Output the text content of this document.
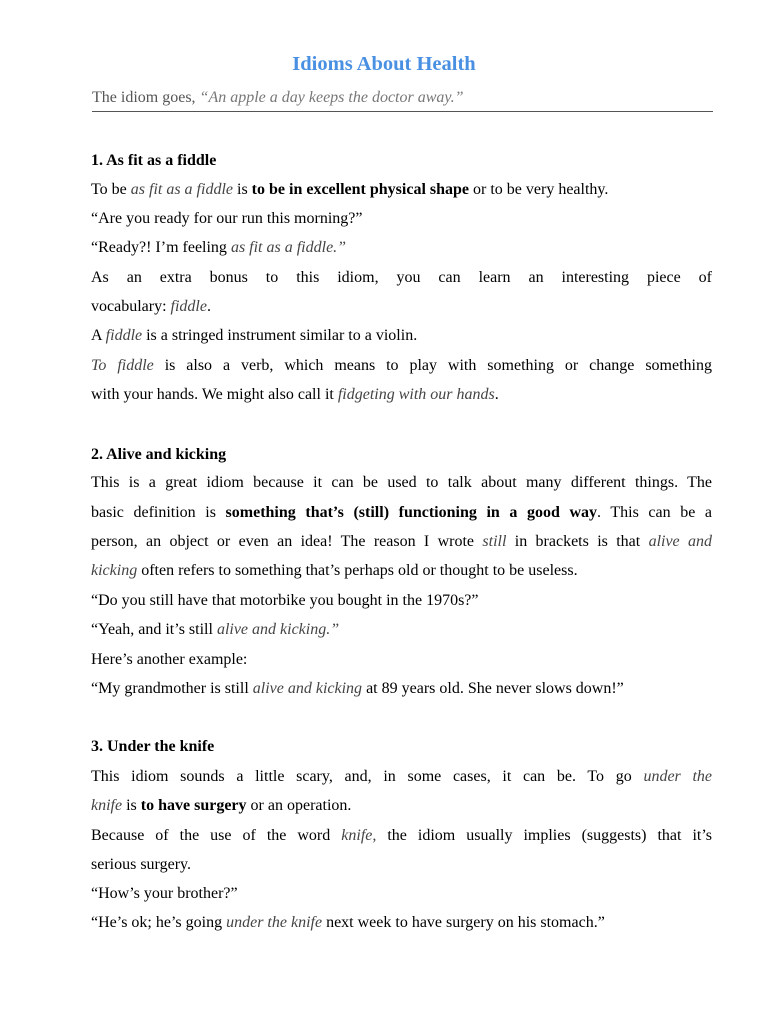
Idioms About Health

The idiom goes, “An apple a day keeps the doctor away.”

1. As fit as a fiddle

To be as fit as a fiddle is to be in excellent physical shape or to be very healthy.

“Are you ready for our run this morning?”

“Ready?! I’m feeling as fit as a fiddle.”

As an extra bonus to this idiom, you can learn an interesting piece of

vocabulary: fiddle.

A fiddle is a stringed instrument similar to a violin.

To fiddle is also a verb, which means to play with something or change something

with your hands. We might also call it fidgeting with our hands.

2. Alive and kicking

This is a great idiom because it can be used to talk about many different things. The

basic definition is something that’s (still) functioning in a good way. This can be a

person, an object or even an idea! The reason I wrote still in brackets is that alive and

kicking often refers to something that’s perhaps old or thought to be useless.

“Do you still have that motorbike you bought in the 1970s?”

“Yeah, and it’s still alive and kicking.”

Here’s another example:

“My grandmother is still alive and kicking at 89 years old. She never slows down!”

3. Under the knife

This idiom sounds a little scary, and, in some cases, it can be. To go under the

knife is to have surgery or an operation.

Because of the use of the word knife, the idiom usually implies (suggests) that it’s

serious surgery.

“How’s your brother?”

“He’s ok; he’s going under the knife next week to have surgery on his stomach.”
